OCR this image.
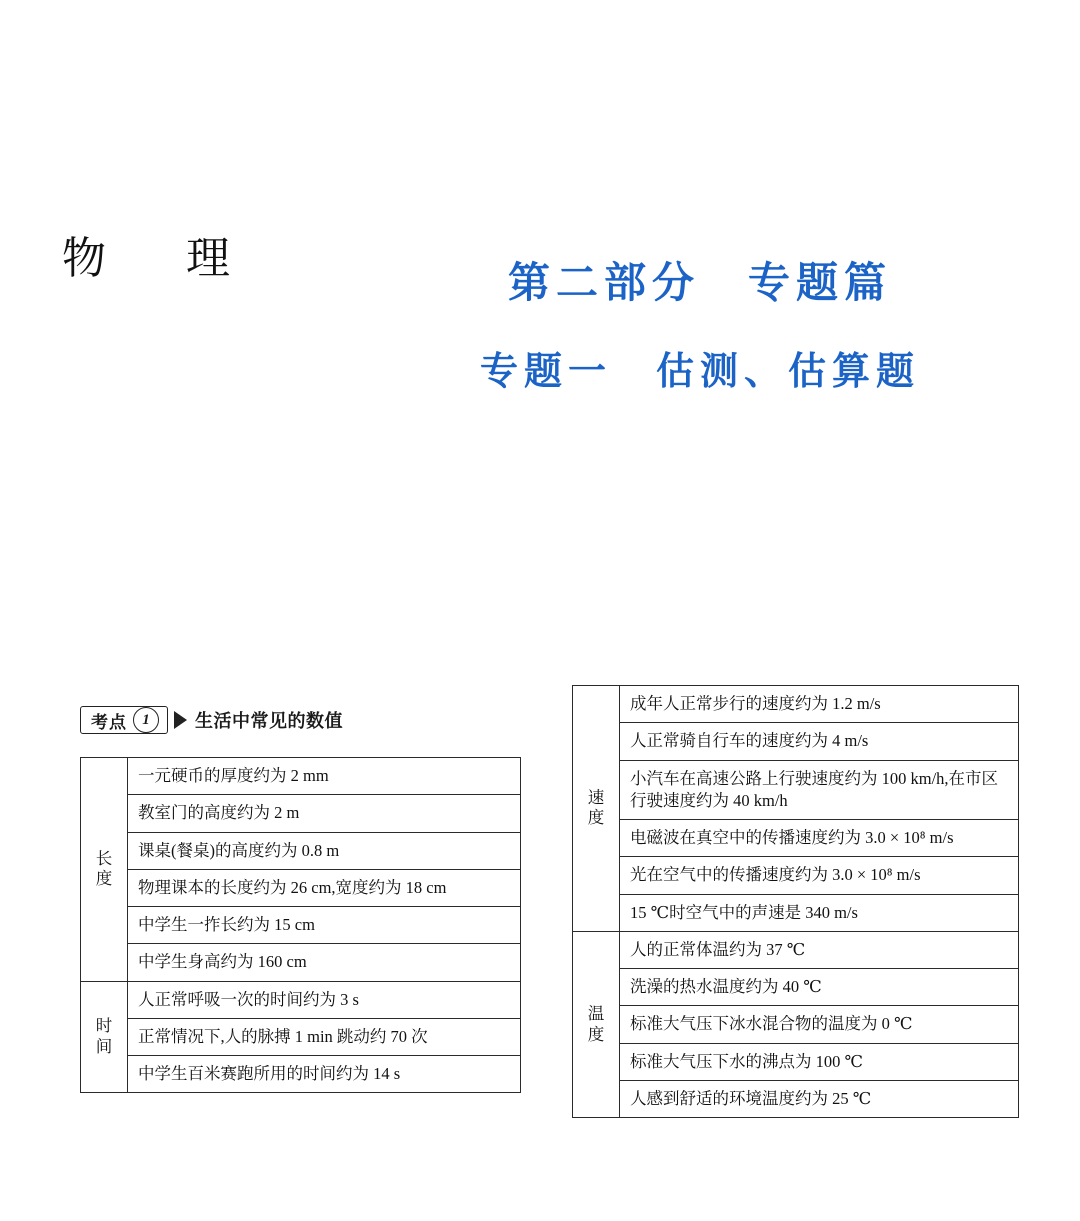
物　理	第二部分　专题篇
专题一　估测、估算题
考点	1	生活中常见的数值
长
度	一元硬币的厚度约为 2 mm
	教室门的高度约为 2 m
	课桌(餐桌)的高度约为 0.8 m
	物理课本的长度约为 26 cm,宽度约为 18 cm
	中学生一拃长约为 15 cm
	中学生身高约为 160 cm

时
间	人正常呼吸一次的时间约为 3 s
	正常情况下,人的脉搏 1 min 跳动约 70 次
	中学生百米赛跑所用的时间约为 14 s
速
度	成年人正常步行的速度约为 1.2 m/s
	人正常骑自行车的速度约为 4 m/s
	小汽车在高速公路上行驶速度约为 100 km/h,在市区行驶速度约为 40 km/h
	电磁波在真空中的传播速度约为 3.0 × 10⁸ m/s
	光在空气中的传播速度约为 3.0 × 10⁸ m/s
	15 ℃时空气中的声速是 340 m/s

温
度	人的正常体温约为 37 ℃
	洗澡的热水温度约为 40 ℃
	标准大气压下冰水混合物的温度为 0 ℃
	标准大气压下水的沸点为 100 ℃
	人感到舒适的环境温度约为 25 ℃
